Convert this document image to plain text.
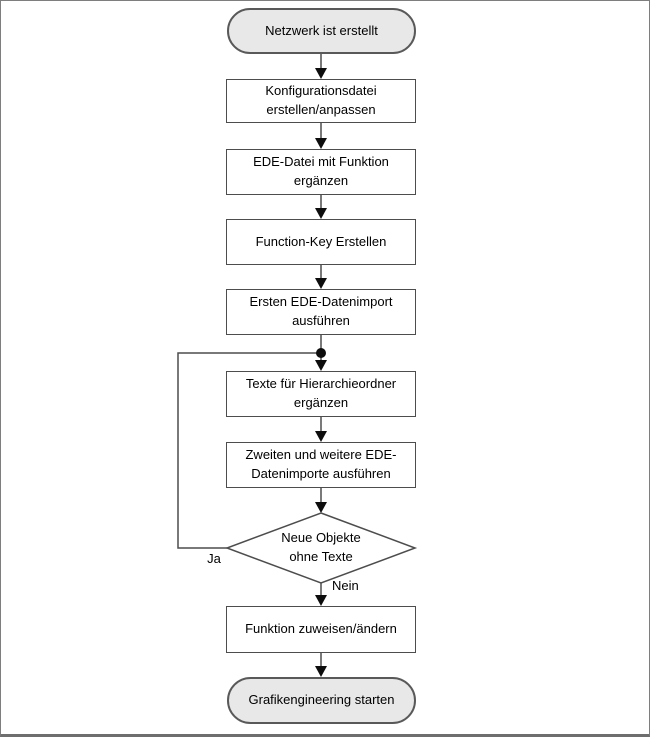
Netzwerk ist erstellt
Konfigurationsdatei erstellen/anpassen
EDE-Datei mit Funktion ergänzen
Function-Key Erstellen
Ersten EDE-Datenimport ausführen
Texte für Hierarchieordner ergänzen
Zweiten und weitere EDE-Datenimporte ausführen
Neue Objekte ohne Texte
Ja
Nein
Funktion zuweisen/ändern
Grafikengineering starten
